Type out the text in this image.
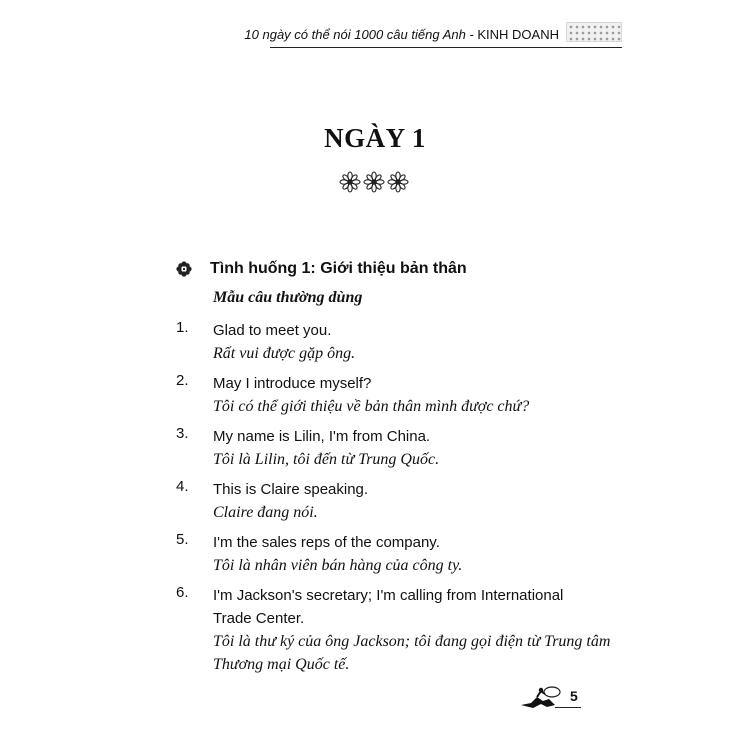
10 ngày có thể nói 1000 câu tiếng Anh - KINH DOANH
NGÀY 1
Tình huống 1: Giới thiệu bản thân
Mẫu câu thường dùng
1. Glad to meet you.
Rất vui được gặp ông.
2. May I introduce myself?
Tôi có thể giới thiệu về bản thân mình được chứ?
3. My name is Lilin, I'm from China.
Tôi là Lilin, tôi đến từ Trung Quốc.
4. This is Claire speaking.
Claire đang nói.
5. I'm the sales reps of the company.
Tôi là nhân viên bán hàng của công ty.
6. I'm Jackson's secretary; I'm calling from International Trade Center.
Tôi là thư ký của ông Jackson; tôi đang gọi điện từ Trung tâm Thương mại Quốc tế.
5
